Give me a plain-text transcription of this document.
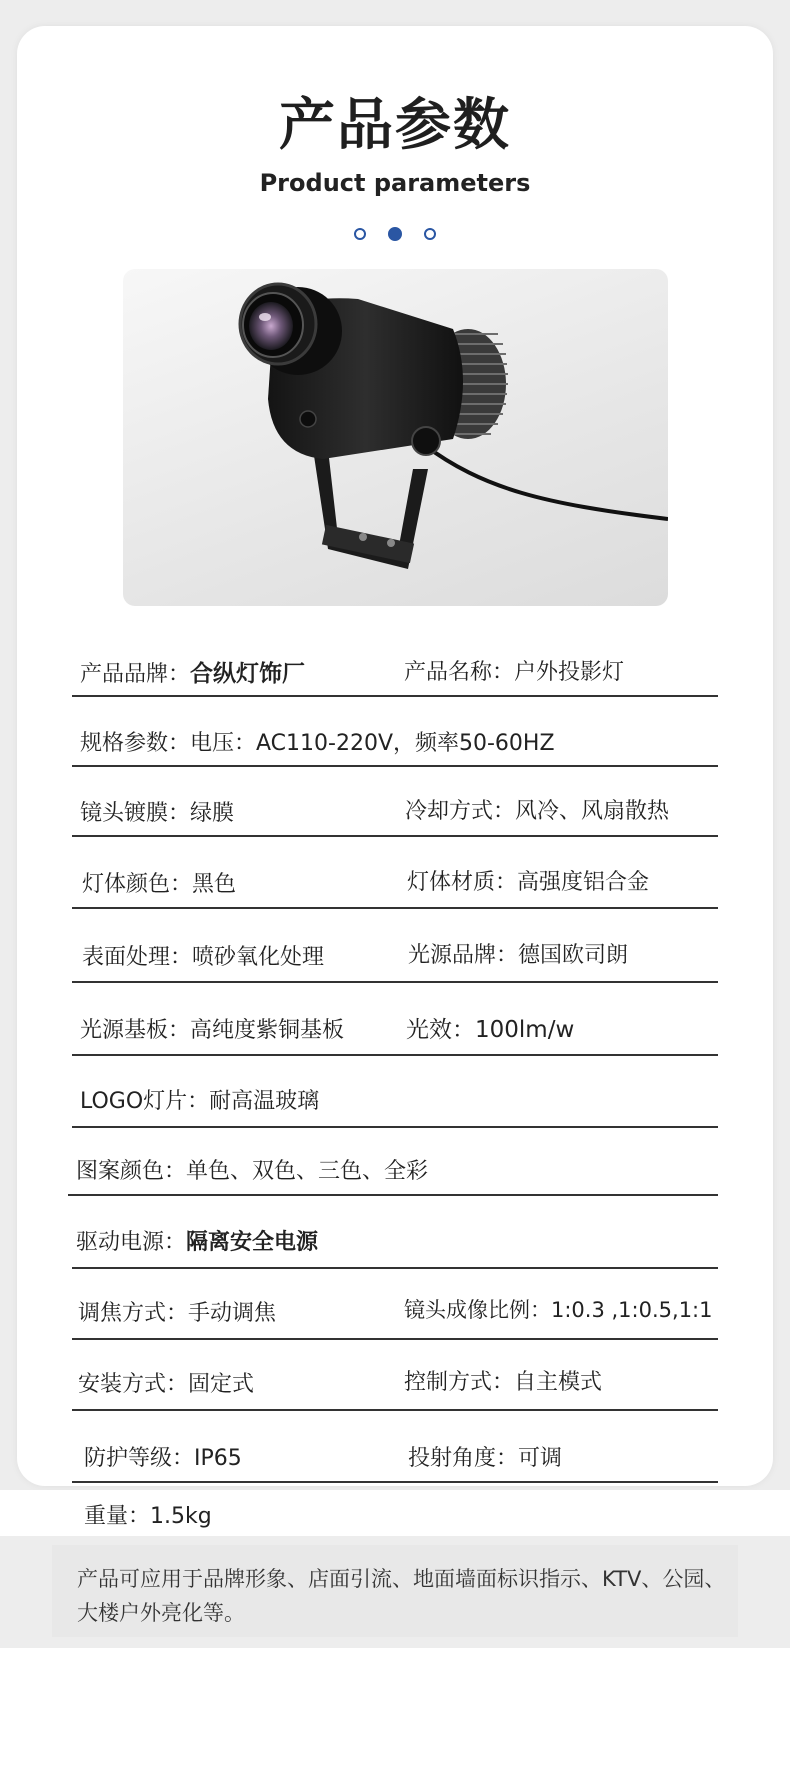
产品参数
Product parameters
产品品牌：合纵灯饰厂	产品名称：户外投影灯
规格参数：电压：AC110-220V，频率50-60HZ
镜头镀膜：绿膜	冷却方式：风冷、风扇散热
灯体颜色：黑色	灯体材质：高强度铝合金
表面处理：喷砂氧化处理	光源品牌：德国欧司朗
光源基板：高纯度紫铜基板	光效：100lm/w
LOGO灯片：耐高温玻璃
图案颜色：单色、双色、三色、全彩
驱动电源：隔离安全电源
调焦方式：手动调焦	镜头成像比例：1:0.3 ,1:0.5,1:1
安装方式：固定式	控制方式：自主模式
防护等级：IP65	投射角度：可调
重量：1.5kg
产品可应用于品牌形象、店面引流、地面墙面标识指示、KTV、公园、大楼户外亮化等。
